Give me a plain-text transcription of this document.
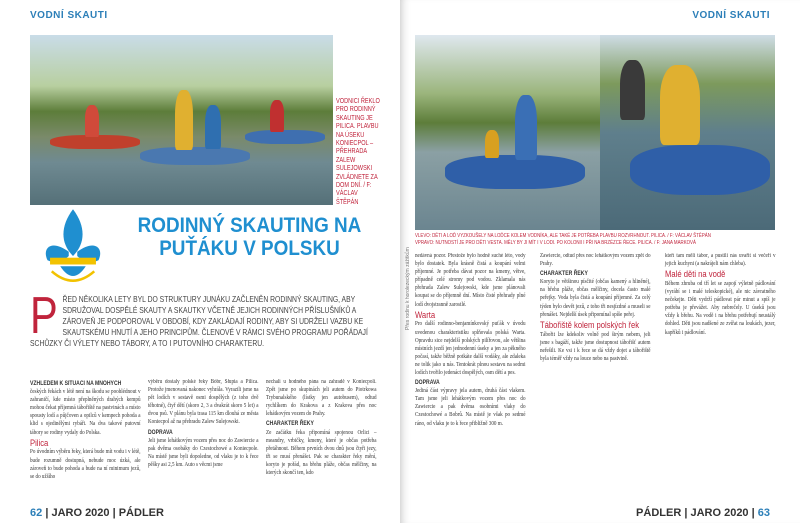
VODNÍ SKAUTI
VODNICI ŘEKLO PRO RODINNÝ SKAUTING JE PILICA. PLAVBU NA ÚSEKU KONIECPOL – PŘEHRADA ZALEW SULEJOWSKI ZVLÁDNETE ZA DOM DNÍ. / F: VÁCLAV ŠTĚPÁN
RODINNÝ SKAUTING NA PUŤÁKU V POLSKU
P ŘED NĚKOLIKA LETY BYL DO STRUKTURY JUNÁKU ZAČLENĚN RODINNÝ SKAUTING, ABY SDRUŽOVAL DOSPĚLÉ SKAUTY A SKAUTKY VČETNĚ JEJICH RODINNÝCH PŘÍSLUŠNÍKŮ A ZÁROVEŇ JE PODPOROVAL V OBDOBÍ, KDY ZAKLÁDAJÍ RODINY, ABY SI UDRŽELI VAZBU KE SKAUTSKÉMU HNUTÍ A JEHO PRINCIPŮM. ČLENOVÉ V RÁMCI SVÉHO PROGRAMU POŘÁDAJÍ SCHŮZKY ČI VÝLETY NEBO TÁBORY, A TO I PUTOVNÍHO CHARAKTERU.
VZHLEDEM K SITUACI NA MNOHÝCH

českých řekách v létě není na škodu se poohlédnout v zahraničí, kde místo přeplněných drahých kempů mohou čekat příjemná tábořiště na pastvinách a místo spousty lodí a půjčoven a opilců v kempech pohoda a klid s ojedinělými rybáři. Na dva takové putovní tábory se rodiny vydaly do Polska.

Pilica

Po úvodním výběru řeky, která bude mít vodu i v létě, bude rozumně dostupná, nebude moc úzká, ale zároveň to bude pohoda a bude na ní minimum jezů, se do užšího

výběru dostaly polské řeky Bóbr, Słupia a Pilica. Protože jmenovaná nakonec vyhrála. Vyrazili jsme na pět lodích v sestavě osmi dospělých (z toho dvě těhotné), čtyř dětí (skoro 2, 3 a dvakrát skoro 5 let) a dvou psů. V plánu byla trasa 115 km dlouhá ze města Koniecpol až na přehradu Zalew Sulejowski.

DOPRAVA

Jeli jsme lehátkovým vozem přes noc do Zawiercie a pak dvěma osobáky do Czestochowé a Koniecpole. Na místě jsme byli dopoledne, od vlaku je to k řece pěšky asi 2,5 km. Auto s věcmi jsme

nechali u hodného pána na zahradě v Koniecpoli. Zpět jsme po skupinách jeli autem do Piotrkowa Trybunalského (lístky jen autobusem), odtud rychlíkem do Krakova a z Krakova přes noc lehátkovým vozem do Prahy.

CHARAKTER ŘEKY

Ze začátku řeka připomíná spojenou Orlici – meandry, vrbičky, kmeny, které je občas potřeba přetáhnout. Během prvních dvou dnů jsou čtyři jezy, tři se musí přenášet. Pak se charakter řeky mění, koryto je pořád, na břehu pláže, občas mělčiny, na kterých skončí ten, kdo

62 | JARO 2020 | PÁDLER
VODNÍ SKAUTI
VLEVO: DĚTI A LOĎ VYZKOUŠELY NA LOĎCE KOLEM VODNÍKA, ALE TAKÉ JE POTŘEBA PLAVBU ROZVRHNOUT. PILICA. / F: VÁCLAV ŠTĚPÁN
VPRAVO: NUTNOSTÍ JE PRO DĚTI VESTA. MĚLY BY JI MÍT I V LODI. PO KOLONII I PŘI NA BRZÉZCE ŘECE. PILICA. / F: JANA MARKOVÁ

nedávná pozor. Přestože bylo hodně suché léto, vody bylo dostatek. Byla krásně čistá a koupání velmi příjemné. Je potřeba dávat pozor na kmeny, větve, případně celé stromy pod vodou. Zklamala nás přehrada Zalew Sulejowski, kde jsme plánovali koupat se do příjemně dní. Místo čisté přehrady plné lodí dvojstranně zarostlé.

Warta

Pro další rodinno-benjamínkovský puťák v úvodu uvedenou charakteristiku splňovala polská Warta. Opravdu sice nejdelší polských pilířovou, ale většina místních jezdí jen jednodenní úseky a jen za pěkného počasí, takže běžně potkáte další vodáky, ale zdaleka ne tolik jako u nás. Tentokrát plnou sestavu na sedmi lodích tvořilo jedenáct dospělých, osm dětí a pes.

DOPRAVA

Jediná část výpravy jela autem, druhá část vlakem. Tam jsme jeli lehátkovým vozem přes noc do Zawiercie a pak dvěma osobními vlaky do Czestochowé a Bobrů. Na místě je však po sedmé ráno, od vlaku je to k řece přibližně 300 m.

Zawiercie, odtud přes noc lehátkovým vozem zpět do Prahy.

CHARAKTER ŘEKY

Koryto je většinou písčité (občas kamený a hliněné), na břehu pláže, občas mělčiny, docela často malé peřejky. Voda byla čistá a koupání příjemné. Za celý týden bylo devět jezů, z toho tři nesjízdné a museli se přenášet. Nejdelší úsek připomínal spíše peřej.

Tábořiště kolem polských řek

Tábořit lze kdekoliv volně pod širým nebem, jeli jsme s bagáží, takže jsme dostupnost tábořišť autem neřešili. Ke vsi i k řece se dá vždy dojet a tábořiště byla téměř vždy na louce nebo na pastvině.

kteří tam měli tábor, a pustili nás uvařit si večeři v jejich kuchyni (a nakrájeli nám chleba).

Malé děti na vodě

Během zhruba od tří let se zapojí výletně pádlování (vyrábí se i malé teleskopické), ale nic závratného nečekejte. Děti vydrží pádlovat pár minut a spíš je potřeba je převážet. Aby nebrečely. U úseků jsou vždy k břehu. Na vodě i na břehu potřebují neustálý dohled. Děti jsou nadšené ze zvířat na loukách, jezer, kapříků i pádlování.

PÁDLER | JARO 2020 | 63
Přes rodinu k horolezeckým zážitkům
